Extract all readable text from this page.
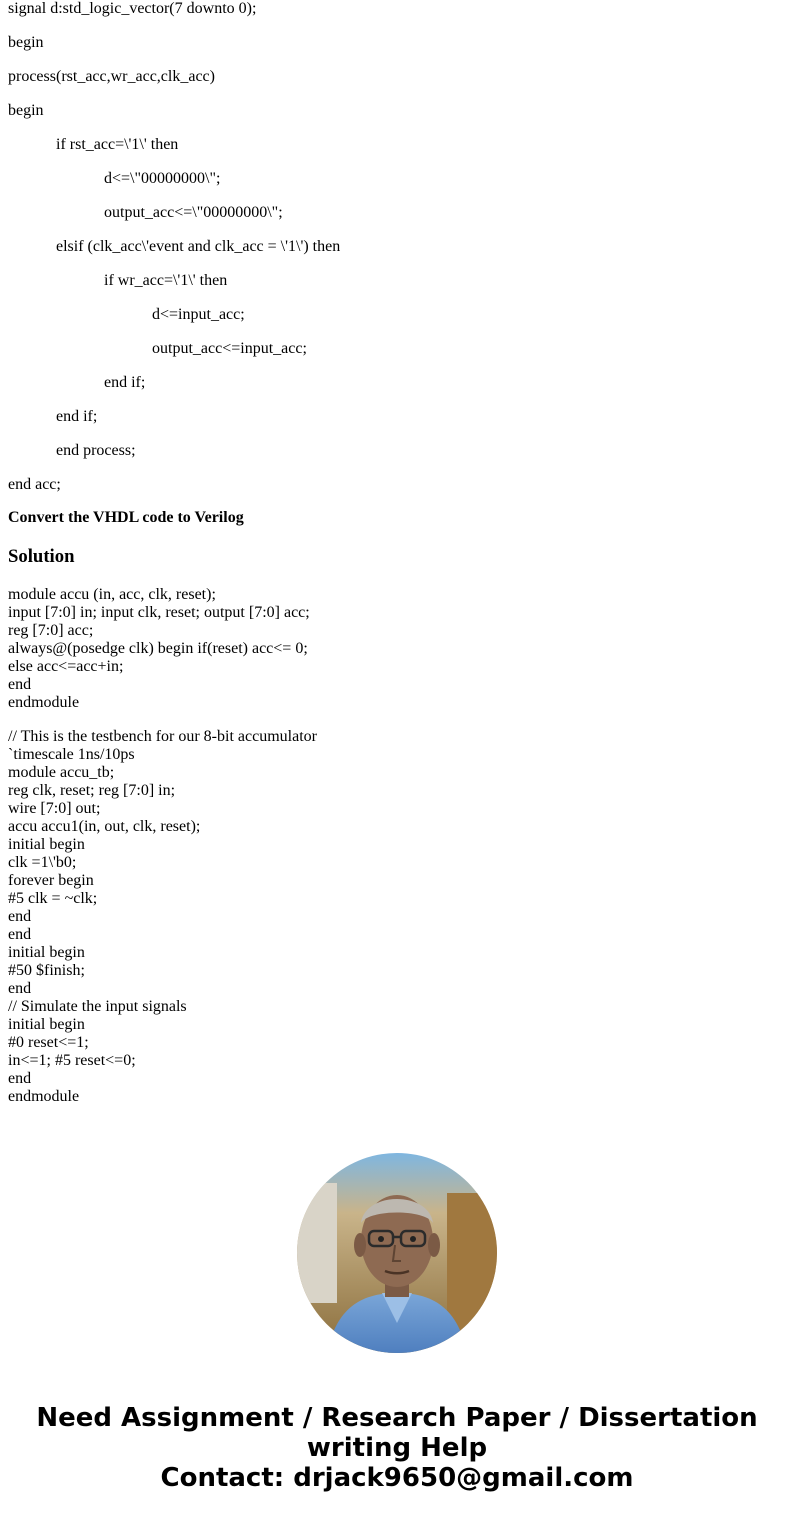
signal d:std_logic_vector(7 downto 0);
begin
process(rst_acc,wr_acc,clk_acc)
begin
if rst_acc=\'1\' then
d<=\"00000000\";
output_acc<=\"00000000\";
elsif (clk_acc\'event and clk_acc = \'1\') then
if wr_acc=\'1\' then
d<=input_acc;
output_acc<=input_acc;
end if;
end if;
end process;
end acc;
Convert the VHDL code to Verilog
Solution
module accu (in, acc, clk, reset);
input [7:0] in; input clk, reset; output [7:0] acc;
reg [7:0] acc;
always@(posedge clk) begin if(reset) acc<= 0;
else acc<=acc+in;
end
endmodule
// This is the testbench for our 8-bit accumulator
`timescale 1ns/10ps
module accu_tb;
reg clk, reset; reg [7:0] in;
wire [7:0] out;
accu accu1(in, out, clk, reset);
initial begin
clk =1\'b0;
forever begin
#5 clk = ~clk;
end
end
initial begin
#50 $finish;
end
// Simulate the input signals
initial begin
#0 reset<=1;
in<=1; #5 reset<=0;
end
endmodule
Need Assignment / Research Paper / Dissertation
writing Help
Contact: drjack9650@gmail.com
